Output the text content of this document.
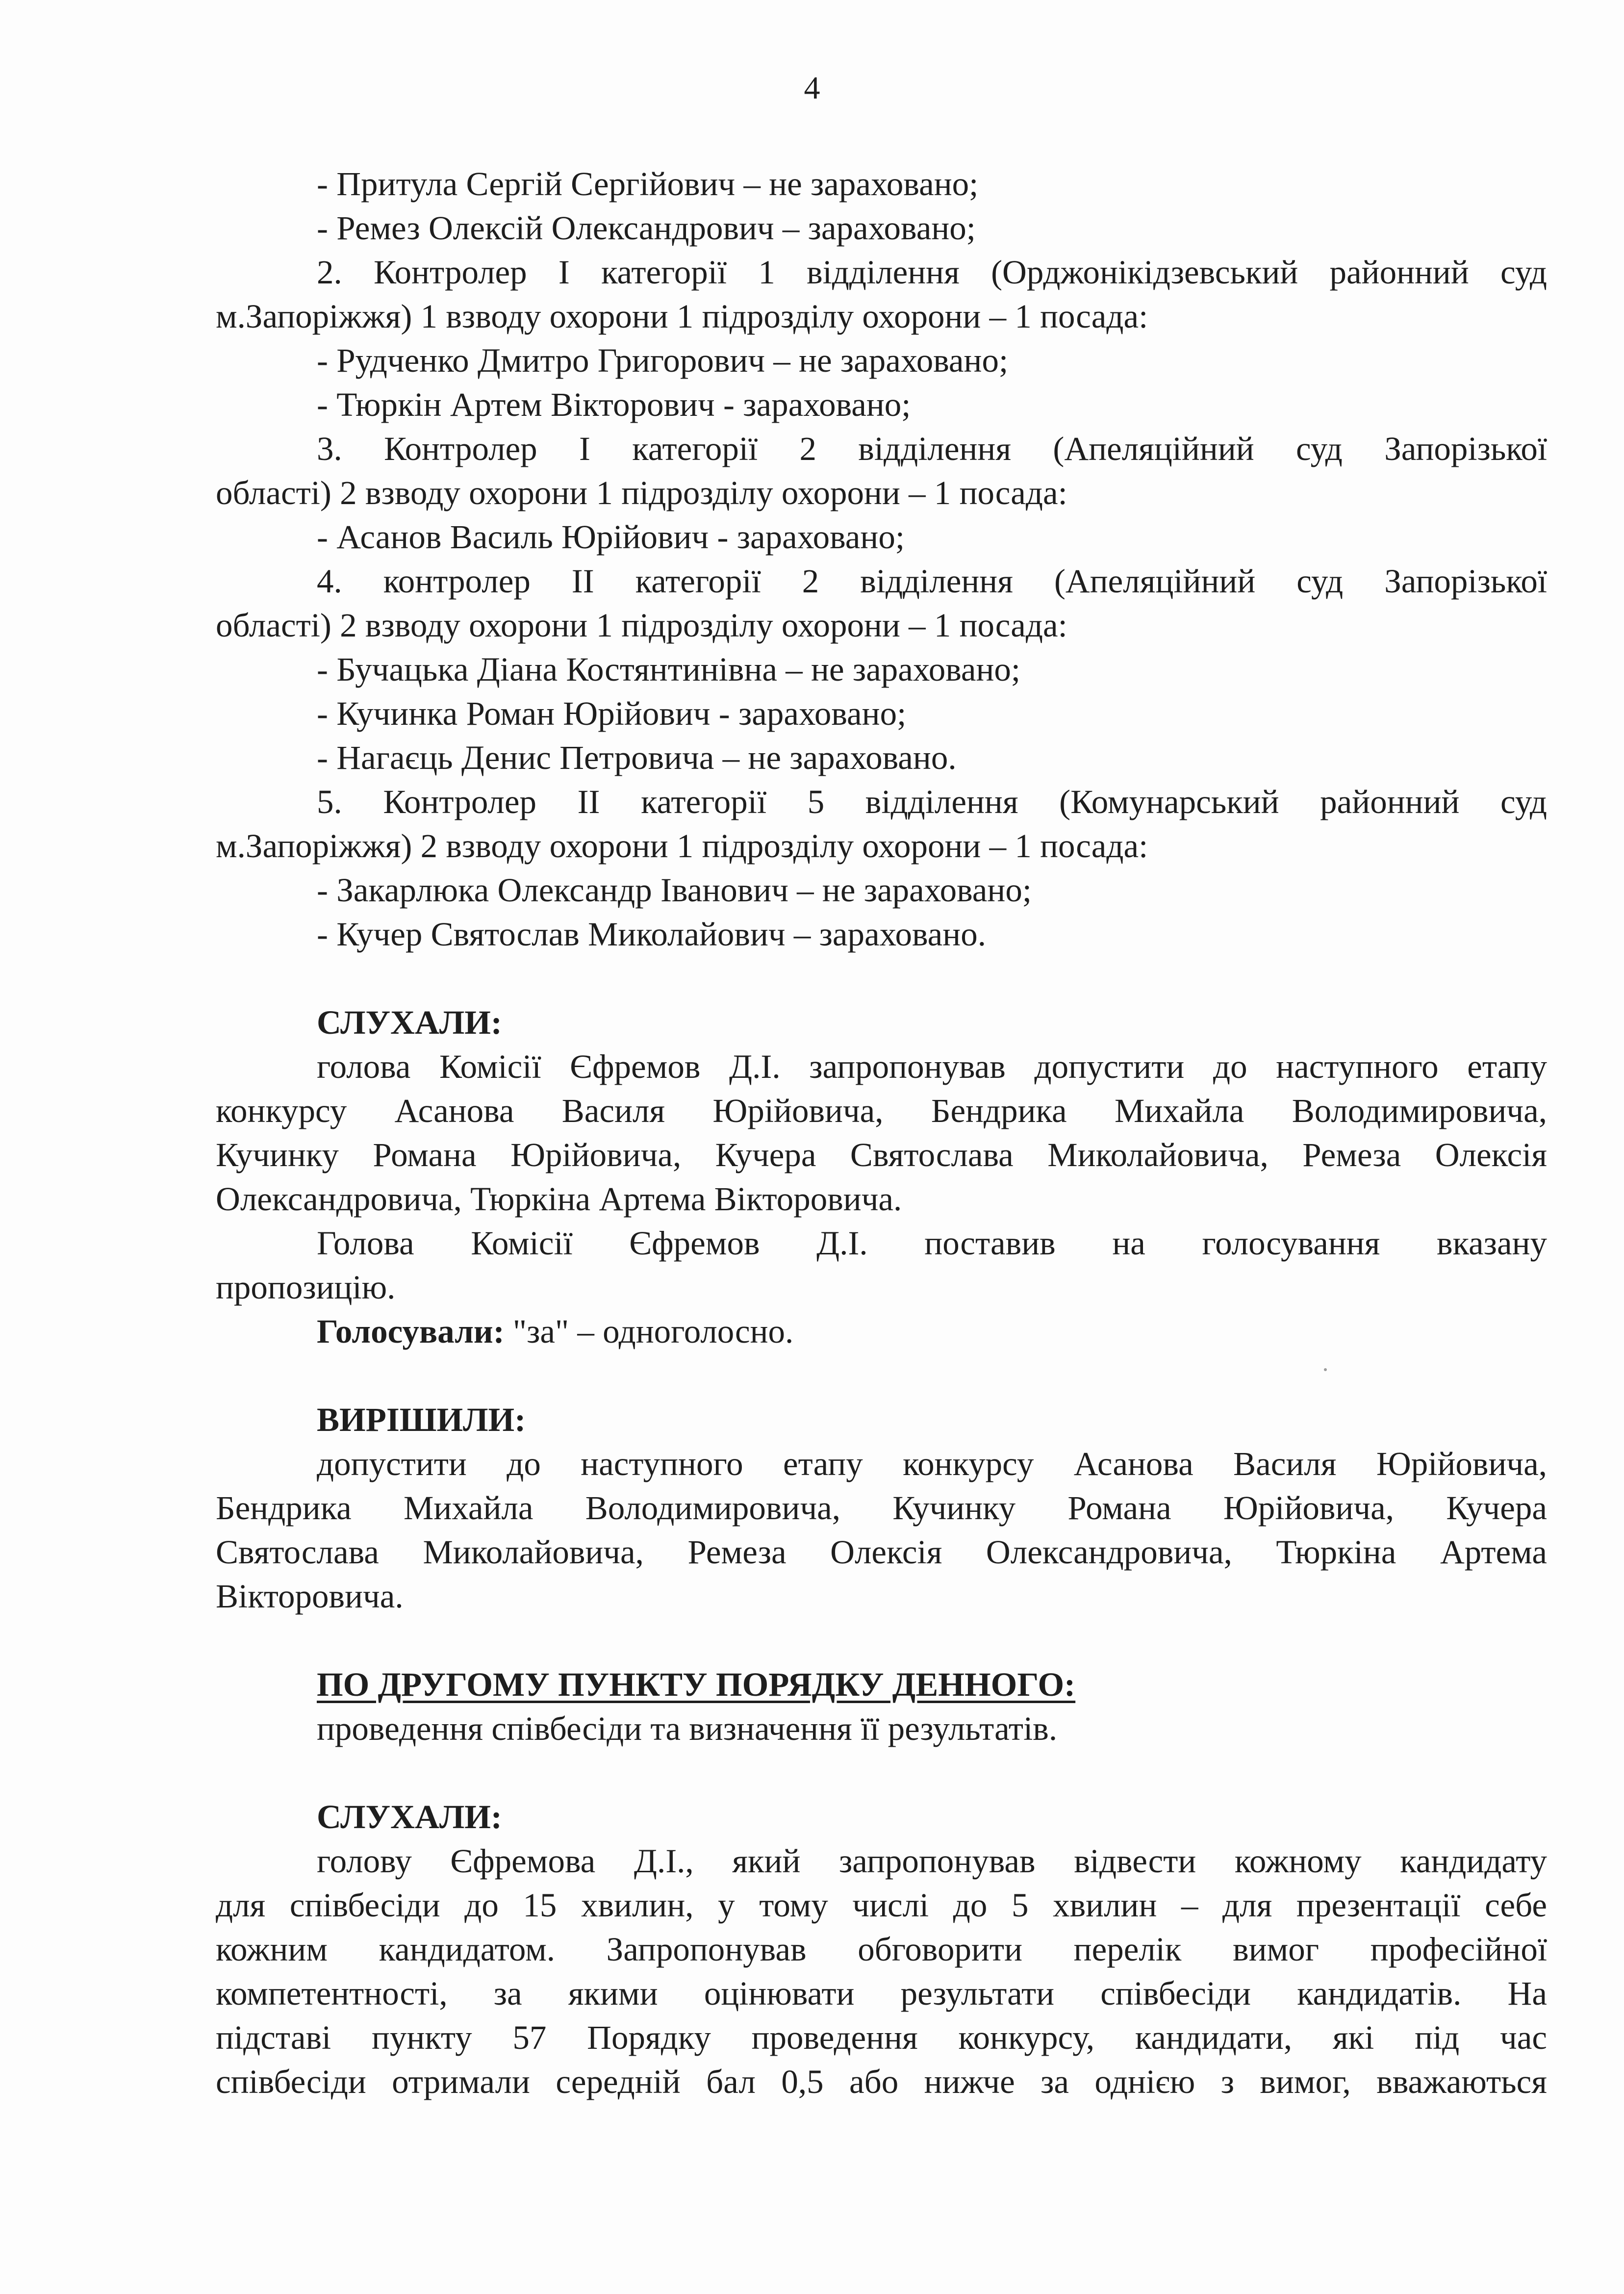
4
- Притула Сергій Сергійович – не зараховано;
- Ремез Олексій Олександрович – зараховано;
2. Контролер І категорії 1 відділення (Орджонікідзевський районний суд
м.Запоріжжя) 1 взводу охорони 1 підрозділу охорони – 1 посада:
- Рудченко Дмитро Григорович – не зараховано;
- Тюркін Артем Вікторович - зараховано;
3. Контролер І категорії 2 відділення (Апеляційний суд Запорізької
області) 2 взводу охорони 1 підрозділу охорони – 1 посада:
- Асанов Василь Юрійович - зараховано;
4. контролер ІІ категорії 2 відділення (Апеляційний суд Запорізької
області) 2 взводу охорони 1 підрозділу охорони – 1 посада:
- Бучацька Діана Костянтинівна – не зараховано;
- Кучинка Роман Юрійович - зараховано;
- Нагаєць Денис Петровича – не зараховано.
5. Контролер ІІ категорії 5 відділення (Комунарський районний суд
м.Запоріжжя) 2 взводу охорони 1 підрозділу охорони – 1 посада:
- Закарлюка Олександр Іванович – не зараховано;
- Кучер Святослав Миколайович – зараховано.
СЛУХАЛИ:
голова Комісії Єфремов Д.І. запропонував допустити до наступного етапу
конкурсу Асанова Василя Юрійовича, Бендрика Михайла Володимировича,
Кучинку Романа Юрійовича, Кучера Святослава Миколайовича, Ремеза Олексія
Олександровича, Тюркіна Артема Вікторовича.
Голова Комісії Єфремов Д.І. поставив на голосування вказану
пропозицію.
Голосували: "за" – одноголосно.
ВИРІШИЛИ:
допустити до наступного етапу конкурсу Асанова Василя Юрійовича,
Бендрика Михайла Володимировича, Кучинку Романа Юрійовича, Кучера
Святослава Миколайовича, Ремеза Олексія Олександровича, Тюркіна Артема
Вікторовича.
ПО ДРУГОМУ ПУНКТУ ПОРЯДКУ ДЕННОГО:
проведення співбесіди та визначення її результатів.
СЛУХАЛИ:
голову Єфремова Д.І., який запропонував відвести кожному кандидату
для співбесіди до 15 хвилин, у тому числі до 5 хвилин – для презентації себе
кожним кандидатом. Запропонував обговорити перелік вимог професійної
компетентності, за якими оцінювати результати співбесіди кандидатів. На
підставі пункту 57 Порядку проведення конкурсу, кандидати, які під час
співбесіди отримали середній бал 0,5 або нижче за однією з вимог, вважаються
